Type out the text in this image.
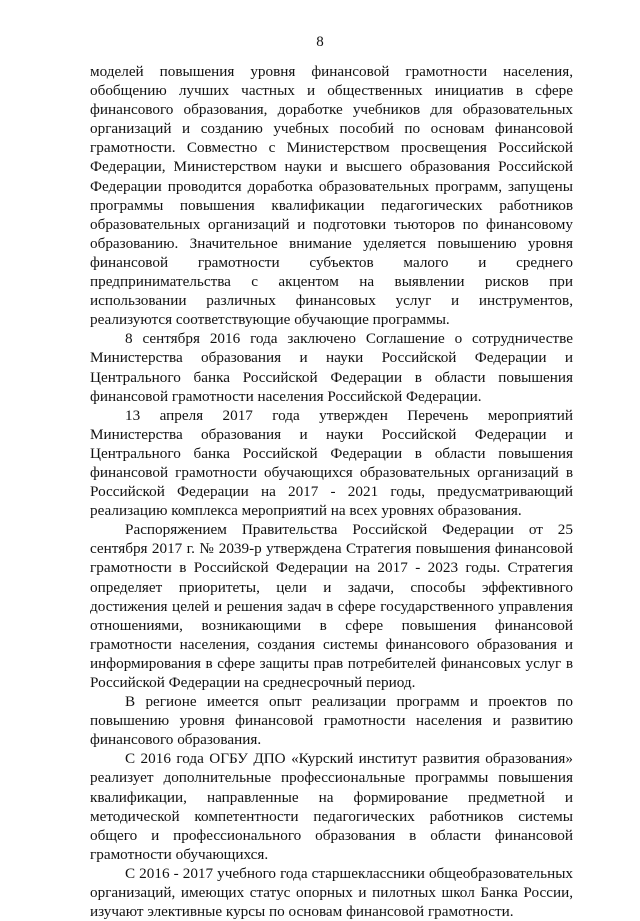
8

моделей повышения уровня финансовой грамотности населения, обобщению лучших частных и общественных инициатив в сфере финансового образования, доработке учебников для образовательных организаций и созданию учебных пособий по основам финансовой грамотности. Совместно с Министерством просвещения Российской Федерации, Министерством науки и высшего образования Российской Федерации проводится доработка образовательных программ, запущены программы повышения квалификации педагогических работников образовательных организаций и подготовки тьюторов по финансовому образованию. Значительное внимание уделяется повышению уровня финансовой грамотности субъектов малого и среднего предпринимательства с акцентом на выявлении рисков при использовании различных финансовых услуг и инструментов, реализуются соответствующие обучающие программы.

8 сентября 2016 года заключено Соглашение о сотрудничестве Министерства образования и науки Российской Федерации и Центрального банка Российской Федерации в области повышения финансовой грамотности населения Российской Федерации.

13 апреля 2017 года утвержден Перечень мероприятий Министерства образования и науки Российской Федерации и Центрального банка Российской Федерации в области повышения финансовой грамотности обучающихся образовательных организаций в Российской Федерации на 2017 - 2021 годы, предусматривающий реализацию комплекса мероприятий на всех уровнях образования.

Распоряжением Правительства Российской Федерации от 25 сентября 2017 г. № 2039-р утверждена Стратегия повышения финансовой грамотности в Российской Федерации на 2017 - 2023 годы. Стратегия определяет приоритеты, цели и задачи, способы эффективного достижения целей и решения задач в сфере государственного управления отношениями, возникающими в сфере повышения финансовой грамотности населения, создания системы финансового образования и информирования в сфере защиты прав потребителей финансовых услуг в Российской Федерации на среднесрочный период.

В регионе имеется опыт реализации программ и проектов по повышению уровня финансовой грамотности населения и развитию финансового образования.

С 2016 года ОГБУ ДПО «Курский институт развития образования» реализует дополнительные профессиональные программы повышения квалификации, направленные на формирование предметной и методической компетентности педагогических работников системы общего и профессионального образования в области финансовой грамотности обучающихся.

С 2016 - 2017 учебного года старшеклассники общеобразовательных организаций, имеющих статус опорных и пилотных школ Банка России, изучают элективные курсы по основам финансовой грамотности.
